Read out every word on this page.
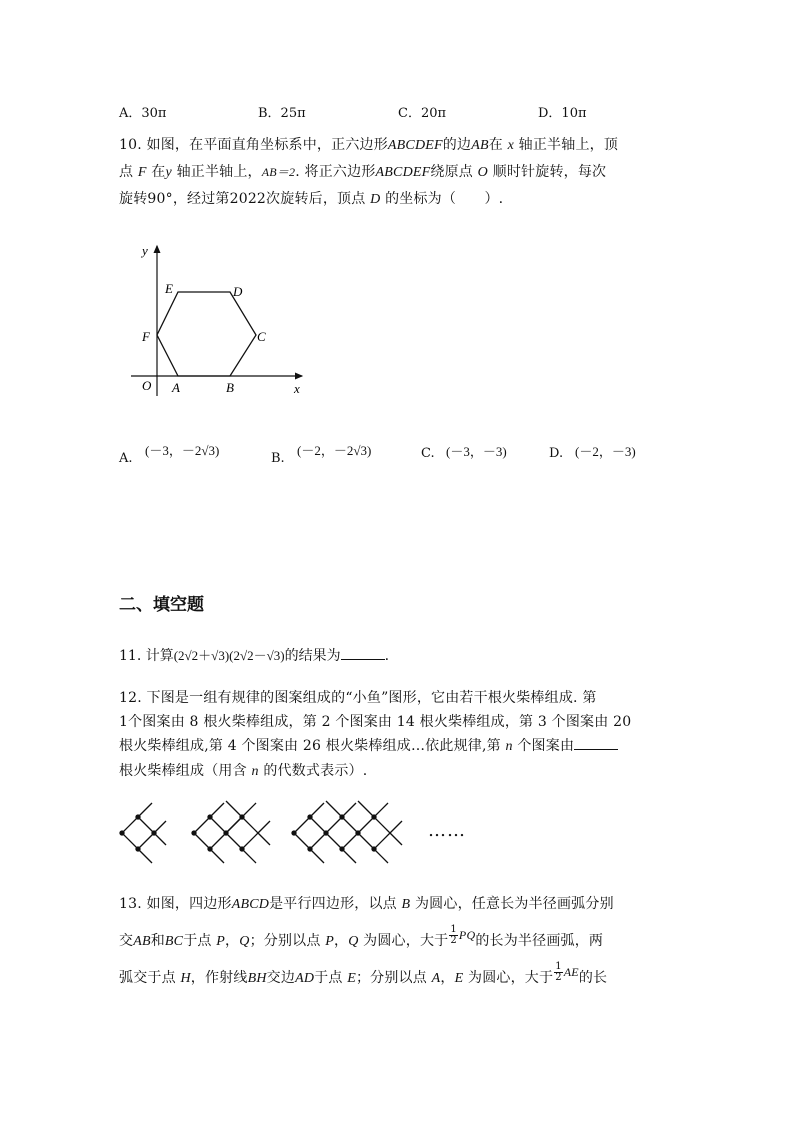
A．30π	B．25π	C．20π	D．10π
10. 如图，在平面直角坐标系中，正六边形ABCDEF的边AB在 x 轴正半轴上，顶
点 F 在y 轴正半轴上，AB＝2. 将正六边形ABCDEF绕原点 O 顺时针旋转，每次
旋转90°，经过第2022次旋转后，顶点 D 的坐标为（　　）.
y
x
O A	B
C
D
E
F
A.
(－3，－2√3)
B.
(－2，－2√3)	C. (－3，－3)	D. (－2，－3)
二、填空题
11. 计算(2√2＋√3)(2√2－√3)的结果为	.
12. 下图是一组有规律的图案组成的“小鱼”图形，它由若干根火柴棒组成. 第
1个图案由 8 根火柴棒组成，第 2 个图案由 14 根火柴棒组成，第 3 个图案由 20
根火柴棒组成,第 4 个图案由 26 根火柴棒组成…依此规律,第 n 个图案由
根火柴棒组成（用含 n 的代数式表示）.
……
13. 如图，四边形ABCD是平行四边形，以点 B 为圆心，任意长为半径画弧分别
交AB和BC于点 P，Q；分别以点 P，Q 为圆心，大于 $\frac{1}{2}$ PQ的长为半径画弧，两
弧交于点 H，作射线BH交边AD于点 E；分别以点 A，E 为圆心，大于 $\frac{1}{2}$ AE的长
